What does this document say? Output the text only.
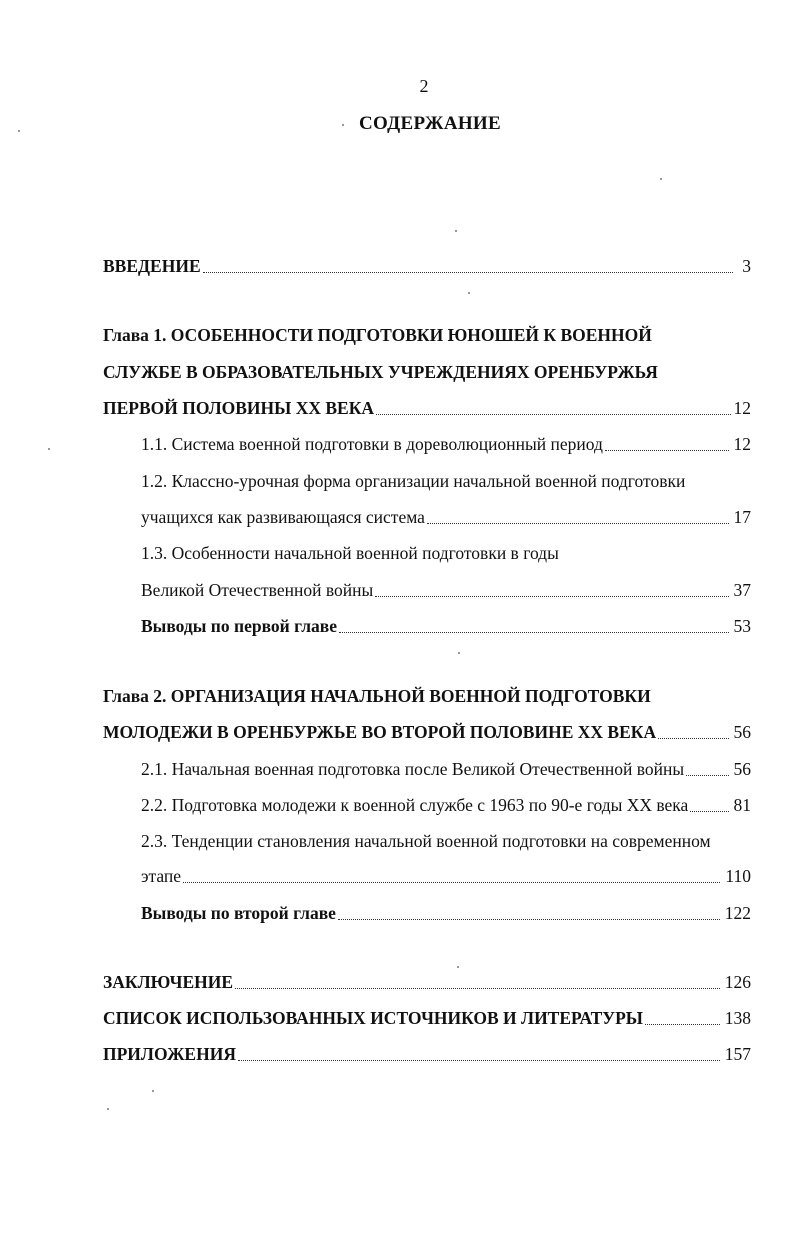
2
СОДЕРЖАНИЕ
ВВЕДЕНИЕ	3
Глава 1. ОСОБЕННОСТИ ПОДГОТОВКИ ЮНОШЕЙ К ВОЕННОЙ
СЛУЖБЕ В ОБРАЗОВАТЕЛЬНЫХ УЧРЕЖДЕНИЯХ ОРЕНБУРЖЬЯ
ПЕРВОЙ ПОЛОВИНЫ XX ВЕКА	12
1.1. Система военной подготовки в дореволюционный период	12
1.2. Классно-урочная форма организации начальной военной подготовки
учащихся как развивающаяся система	17
1.3. Особенности начальной военной подготовки в годы
Великой Отечественной войны	37
Выводы по первой главе	53
Глава 2. ОРГАНИЗАЦИЯ НАЧАЛЬНОЙ ВОЕННОЙ ПОДГОТОВКИ
МОЛОДЕЖИ В ОРЕНБУРЖЬЕ ВО ВТОРОЙ ПОЛОВИНЕ XX ВЕКА	56
2.1. Начальная военная подготовка после Великой Отечественной войны	56
2.2. Подготовка молодежи к военной службе с 1963 по 90-е годы XX века	81
2.3. Тенденции становления начальной военной подготовки на современном
этапе	110
Выводы по второй главе	122
ЗАКЛЮЧЕНИЕ	126
СПИСОК ИСПОЛЬЗОВАННЫХ ИСТОЧНИКОВ И ЛИТЕРАТУРЫ	138
ПРИЛОЖЕНИЯ	157
